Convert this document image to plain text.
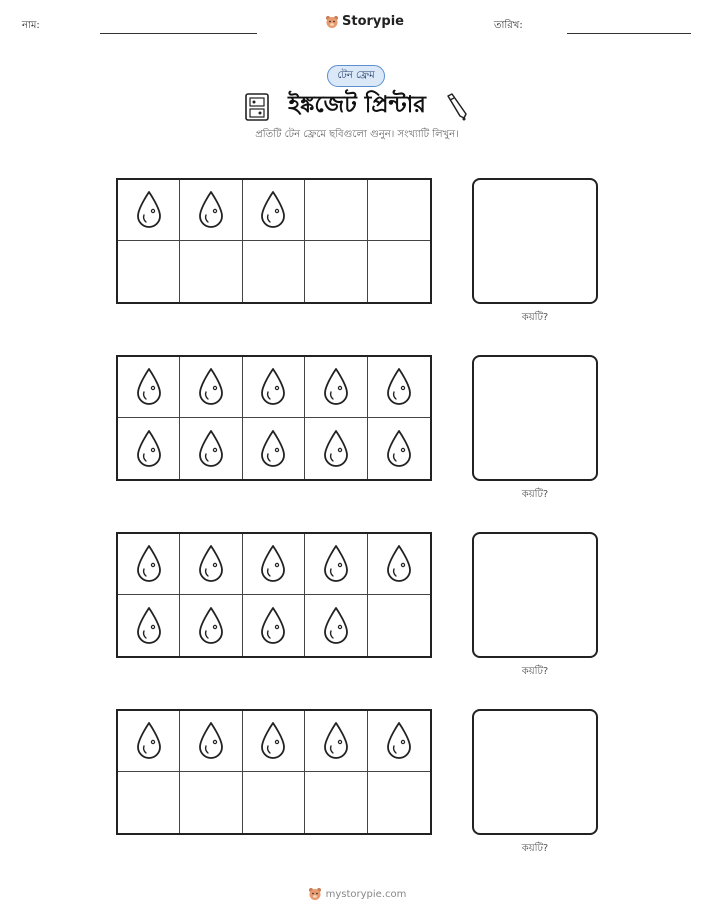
নাম:	Storypie	তারিখ:
টেন ফ্রেম
ইঙ্কজেট প্রিন্টার
প্রতিটি টেন ফ্রেমে ছবিগুলো গুনুন। সংখ্যাটি লিখুন।
কয়টি?
কয়টি?
কয়টি?
কয়টি?
mystorypie.com
